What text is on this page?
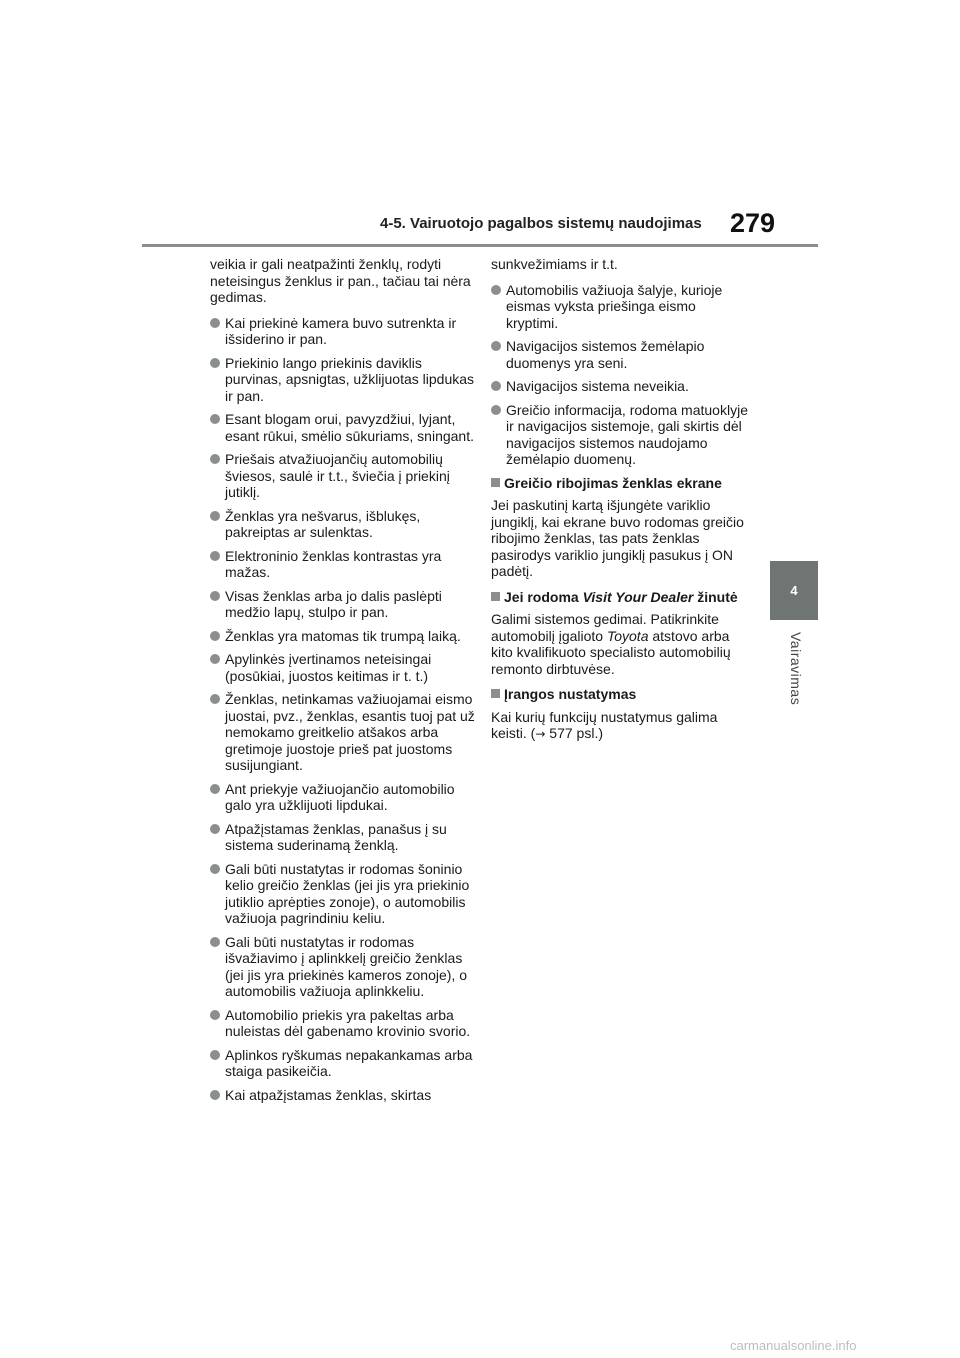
4-5. Vairuotojo pagalbos sistemų naudojimas 279
4
Vairavimas

veikia ir gali neatpažinti ženklų, rodyti neteisingus ženklus ir pan., tačiau tai nėra gedimas.

Kai priekinė kamera buvo sutrenkta ir išsiderino ir pan.
Priekinio lango priekinis daviklis purvinas, apsnigtas, užklijuotas lipdukas ir pan.
Esant blogam orui, pavyzdžiui, lyjant, esant rūkui, smėlio sūkuriams, sningant.
Priešais atvažiuojančių automobilių šviesos, saulė ir t.t., šviečia į priekinį jutiklį.
Ženklas yra nešvarus, išblukęs, pakreiptas ar sulenktas.
Elektroninio ženklas kontrastas yra mažas.
Visas ženklas arba jo dalis paslėpti medžio lapų, stulpo ir pan.
Ženklas yra matomas tik trumpą laiką.
Apylinkės įvertinamos neteisingai (posūkiai, juostos keitimas ir t. t.)
Ženklas, netinkamas važiuojamai eismo juostai, pvz., ženklas, esantis tuoj pat už nemokamo greitkelio atšakos arba gretimoje juostoje prieš pat juostoms susijungiant.
Ant priekyje važiuojančio automobilio galo yra užklijuoti lipdukai.
Atpažįstamas ženklas, panašus į su sistema suderinamą ženklą.
Gali būti nustatytas ir rodomas šoninio kelio greičio ženklas (jei jis yra priekinio jutiklio aprėpties zonoje), o automobilis važiuoja pagrindiniu keliu.
Gali būti nustatytas ir rodomas išvažiavimo į aplinkkelį greičio ženklas (jei jis yra priekinės kameros zonoje), o automobilis važiuoja aplinkkeliu.
Automobilio priekis yra pakeltas arba nuleistas dėl gabenamo krovinio svorio.
Aplinkos ryškumas nepakankamas arba staiga pasikeičia.
Kai atpažįstamas ženklas, skirtas

sunkvežimiams ir t.t.

Automobilis važiuoja šalyje, kurioje eismas vyksta priešinga eismo kryptimi.
Navigacijos sistemos žemėlapio duomenys yra seni.
Navigacijos sistema neveikia.
Greičio informacija, rodoma matuoklyje ir navigacijos sistemoje, gali skirtis dėl navigacijos sistemos naudojamo žemėlapio duomenų.
Greičio ribojimas ženklas ekrane

Jei paskutinį kartą išjungėte variklio jungiklį, kai ekrane buvo rodomas greičio ribojimo ženklas, tas pats ženklas pasirodys variklio jungiklį pasukus į ON padėtį.

Jei rodoma Visit Your Dealer žinutė

Galimi sistemos gedimai. Patikrinkite automobilį įgalioto Toyota atstovo arba kito kvalifikuoto specialisto automobilių remonto dirbtuvėse.

Įrangos nustatymas

Kai kurių funkcijų nustatymus galima keisti. (→ 577 psl.)

carmanualsonline.info
